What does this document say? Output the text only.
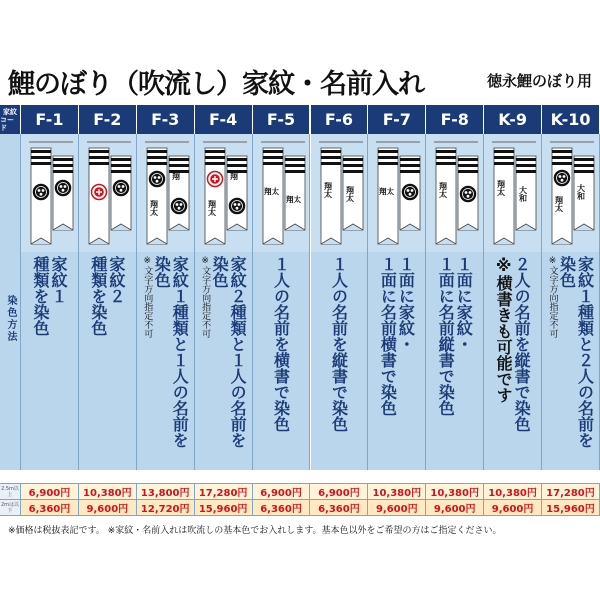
鯉のぼり（吹流し）家紋・名前入れ	徳永鯉のぼり用
家紋
コード
染色方法
F-1
家紋１
種類を染色
F-2
家紋２
種類を染色
F-3
翔太
翔
家紋１種類と１人の名前を
染色
※文字方向指定不可
F-4
翔太
翔
家紋２種類と１人の名前を
染色
※文字方向指定不可
F-5
翔太
翔太
１人の名前を横書で染色
F-6
翔太 翔太
１人の名前を縦書で染色
F-7
翔太
１面に家紋・
１面に名前横書で染色
F-8
翔太
１面に家紋・
１面に名前縦書で染色
K-9
翔太 大和
２人の名前を縦書で染色
※横書きも可能です
K-10
翔太
大和
家紋１種類と２人の名前を
染色
※文字方向指定不可
2.5m以上	6,900円	10,380円 13,800円 17,280円	6,900円	6,900円	10,380円 10,380円 10,380円 17,280円
2mは以下	6,360円	9,600円	12,720円 15,960円	6,360円	6,360円	9,600円	9,600円	9,600円	15,960円
※価格は税抜表記です。 ※家紋・名前入れは吹流しの基本色でお入れします。基本色以外をご希望の方はご指定ください。
